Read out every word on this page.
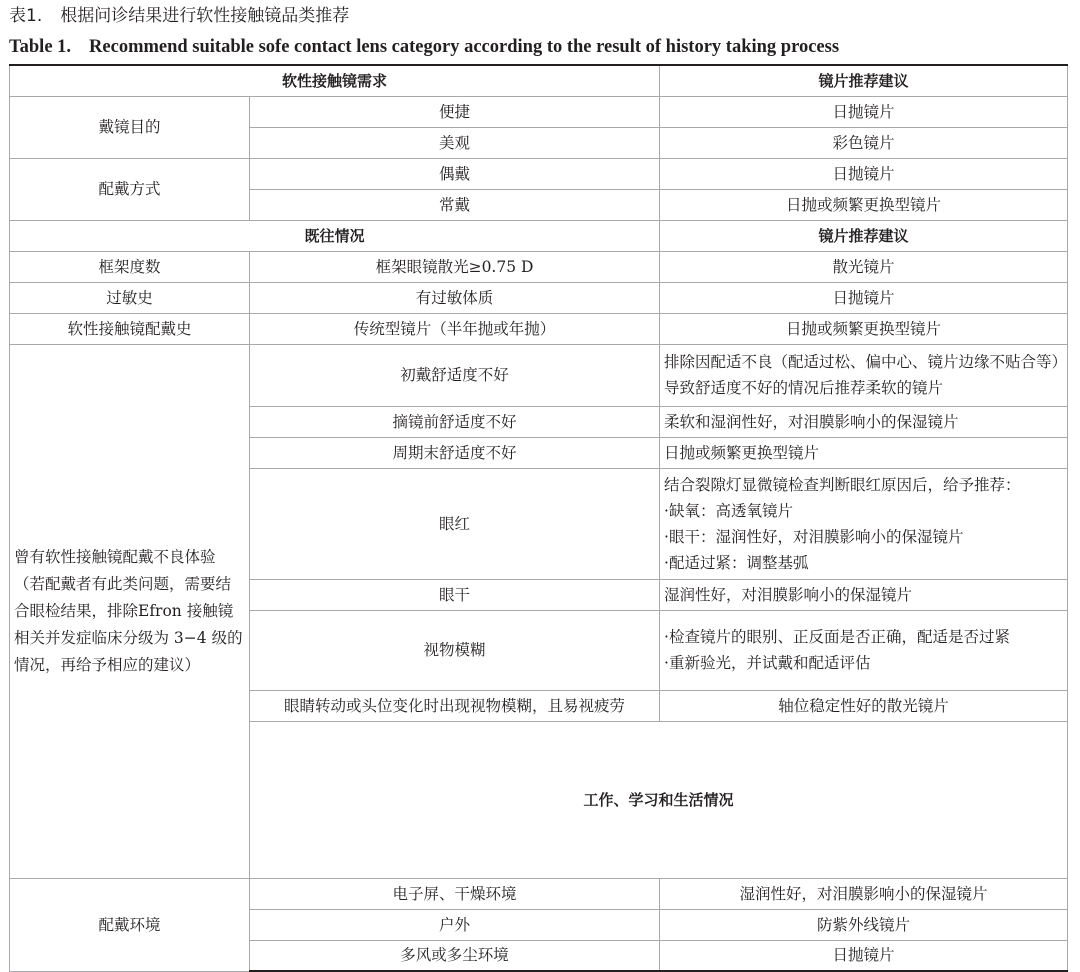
表1. 根据问诊结果进行软性接触镜品类推荐
Table 1. Recommend suitable sofe contact lens category according to the result of history taking process
软性接触镜需求		镜片推荐建议	
戴镜目的	便捷	日抛镜片	
	美观	彩色镜片	
配戴方式	偶戴	日抛镜片	
	常戴	日抛或频繁更换型镜片	
既往情况		镜片推荐建议	
框架度数	框架眼镜散光≥0.75 D	散光镜片	
过敏史	有过敏体质	日抛镜片	
软性接触镜配戴史	传统型镜片（半年抛或年抛）	日抛或频繁更换型镜片	
曾有软性接触镜配戴不良体验（若配戴者有此类问题，需要结合眼检结果，排除Efron 接触镜相关并发症临床分级为 3−4 级的情况，再给予相应的建议）	初戴舒适度不好	排除因配适不良（配适过松、偏中心、镜片边缘不贴合等）导致舒适度不好的情况后推荐柔软的镜片	
	摘镜前舒适度不好	柔软和湿润性好，对泪膜影响小的保湿镜片	
	周期末舒适度不好	日抛或频繁更换型镜片	
	眼红	结合裂隙灯显微镜检查判断眼红原因后，给予推荐：
·缺氧：高透氧镜片
·眼干：湿润性好，对泪膜影响小的保湿镜片
·配适过紧：调整基弧	

	眼干	湿润性好，对泪膜影响小的保湿镜片	
	视物模糊	·检查镜片的眼别、正反面是否正确，配适是否过紧
·重新验光，并试戴和配适评估	

	眼睛转动或头位变化时出现视物模糊，且易视疲劳	轴位稳定性好的散光镜片	
	工作、学习和生活情况	
配戴环境	电子屏、干燥环境	湿润性好，对泪膜影响小的保湿镜片	
	户外	防紫外线镜片	
	多风或多尘环境	日抛镜片	
